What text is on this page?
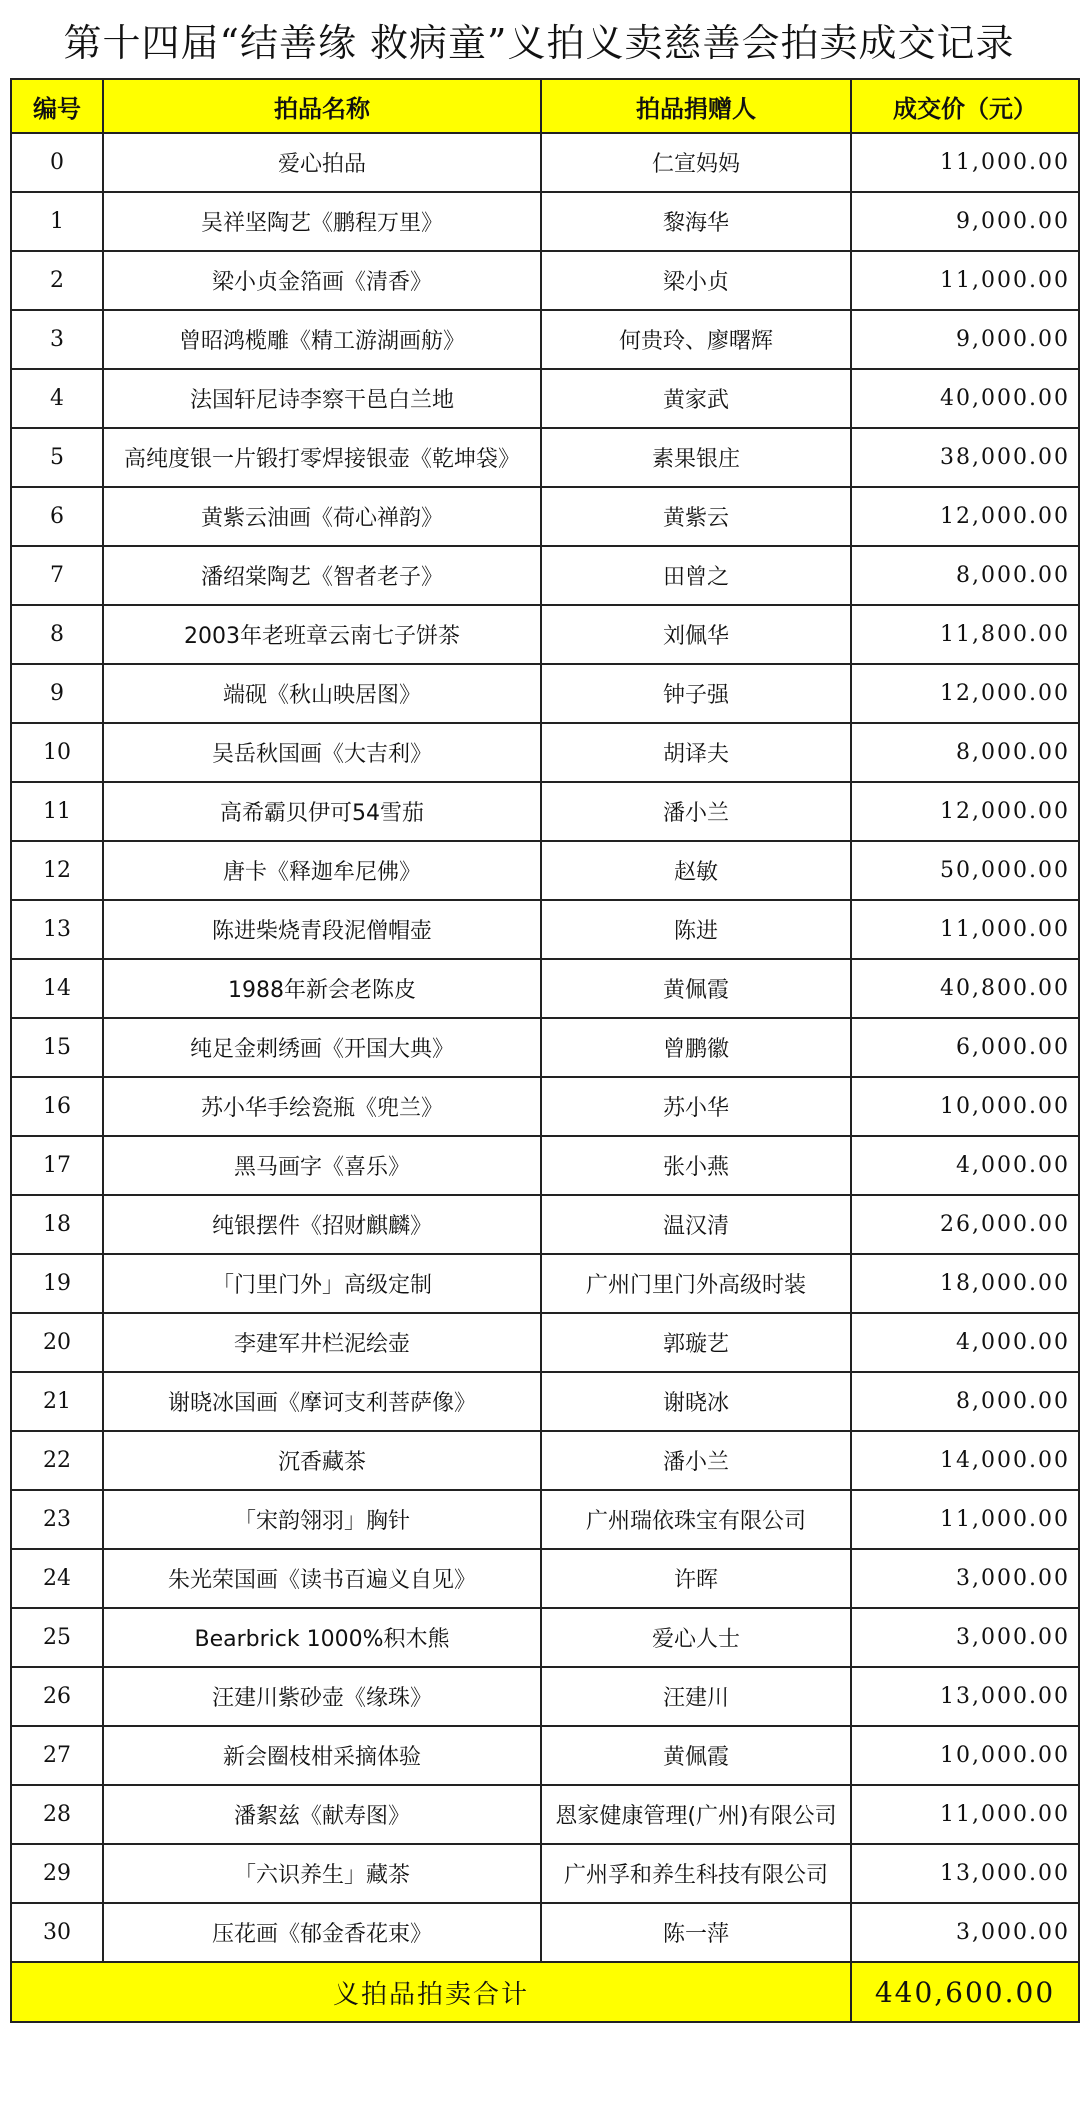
第十四届“结善缘 救病童”义拍义卖慈善会拍卖成交记录
编号	拍品名称	拍品捐赠人	成交价（元）
0	爱心拍品	仁宣妈妈	11,000.00
1	吴祥坚陶艺《鹏程万里》	黎海华	9,000.00
2	梁小贞金箔画《清香》	梁小贞	11,000.00
3	曾昭鸿榄雕《精工游湖画舫》	何贵玲、廖曙辉	9,000.00
4	法国轩尼诗李察干邑白兰地	黄家武	40,000.00
5	高纯度银一片锻打零焊接银壶《乾坤袋》	素果银庄	38,000.00
6	黄紫云油画《荷心禅韵》	黄紫云	12,000.00
7	潘绍棠陶艺《智者老子》	田曾之	8,000.00
8	2003年老班章云南七子饼茶	刘佩华	11,800.00
9	端砚《秋山映居图》	钟子强	12,000.00
10	吴岳秋国画《大吉利》	胡译夫	8,000.00
11	高希霸贝伊可54雪茄	潘小兰	12,000.00
12	唐卡《释迦牟尼佛》	赵敏	50,000.00
13	陈进柴烧青段泥僧帽壶	陈进	11,000.00
14	1988年新会老陈皮	黄佩霞	40,800.00
15	纯足金刺绣画《开国大典》	曾鹏徽	6,000.00
16	苏小华手绘瓷瓶《兜兰》	苏小华	10,000.00
17	黑马画字《喜乐》	张小燕	4,000.00
18	纯银摆件《招财麒麟》	温汉清	26,000.00
19	「门里门外」高级定制	广州门里门外高级时装	18,000.00
20	李建军井栏泥绘壶	郭璇艺	4,000.00
21	谢晓冰国画《摩诃支利菩萨像》	谢晓冰	8,000.00
22	沉香藏茶	潘小兰	14,000.00
23	「宋韵翎羽」胸针	广州瑞依珠宝有限公司	11,000.00
24	朱光荣国画《读书百遍义自见》	许晖	3,000.00
25	Bearbrick 1000%积木熊	爱心人士	3,000.00
26	汪建川紫砂壶《缘珠》	汪建川	13,000.00
27	新会圈枝柑采摘体验	黄佩霞	10,000.00
28	潘絮兹《献寿图》	恩家健康管理(广州)有限公司	11,000.00
29	「六识养生」藏茶	广州孚和养生科技有限公司	13,000.00
30	压花画《郁金香花束》	陈一萍	3,000.00
义拍品拍卖合计			440,600.00
